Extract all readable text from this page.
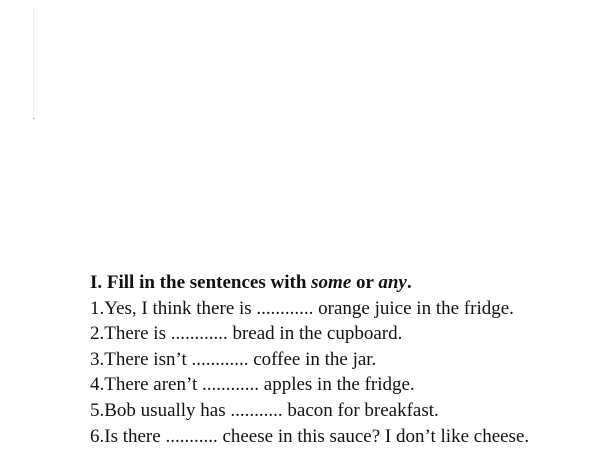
I. Fill in the sentences with some or any.
1.Yes, I think there is ............ orange juice in the fridge.
2.There is ............ bread in the cupboard.
3.There isn’t ............ coffee in the jar.
4.There aren’t ............ apples in the fridge.
5.Bob usually has ........... bacon for breakfast.
6.Is there ........... cheese in this sauce? I don’t like cheese.
